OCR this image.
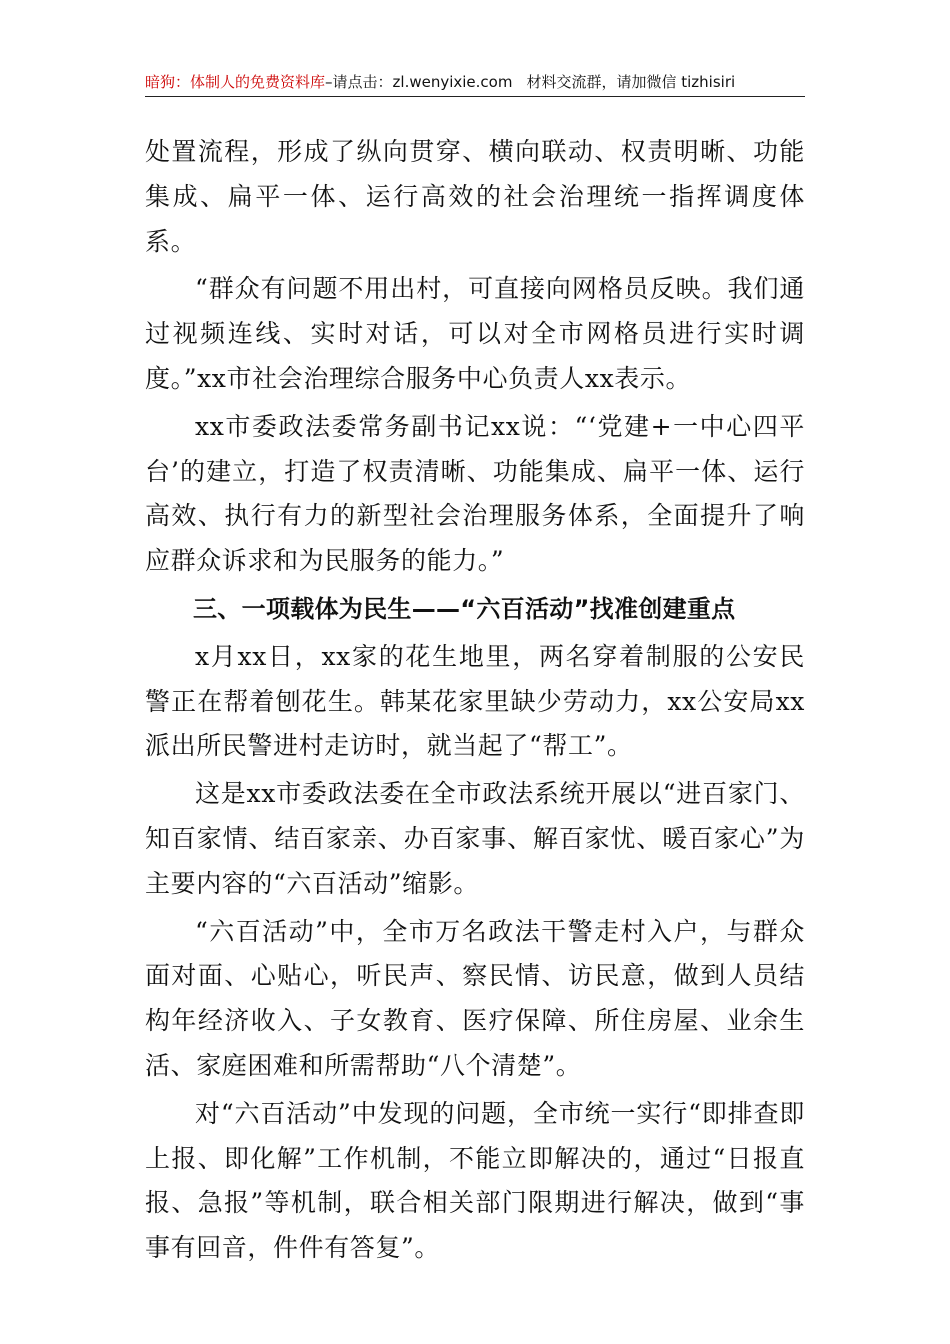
暗狗：体制人的免费资料库–请点击：zl.wenyixie.com 材料交流群，请加微信 tizhisiri

处置流程，形成了纵向贯穿、横向联动、权责明晰、功能集成、扁平一体、运行高效的社会治理统一指挥调度体系。

“群众有问题不用出村，可直接向网格员反映。我们通过视频连线、实时对话，可以对全市网格员进行实时调度。”xx市社会治理综合服务中心负责人xx表示。

xx市委政法委常务副书记xx说：“‘党建+一中心四平台’的建立，打造了权责清晰、功能集成、扁平一体、运行高效、执行有力的新型社会治理服务体系，全面提升了响应群众诉求和为民服务的能力。”

三、一项载体为民生——“六百活动”找准创建重点

x月xx日，xx家的花生地里，两名穿着制服的公安民警正在帮着刨花生。韩某花家里缺少劳动力，xx公安局xx派出所民警进村走访时，就当起了“帮工”。

这是xx市委政法委在全市政法系统开展以“进百家门、知百家情、结百家亲、办百家事、解百家忧、暖百家心”为主要内容的“六百活动”缩影。

“六百活动”中，全市万名政法干警走村入户，与群众面对面、心贴心，听民声、察民情、访民意，做到人员结构年经济收入、子女教育、医疗保障、所住房屋、业余生活、家庭困难和所需帮助“八个清楚”。

对“六百活动”中发现的问题，全市统一实行“即排查即上报、即化解”工作机制，不能立即解决的，通过“日报直报、急报”等机制，联合相关部门限期进行解决，做到“事事有回音，件件有答复”。
